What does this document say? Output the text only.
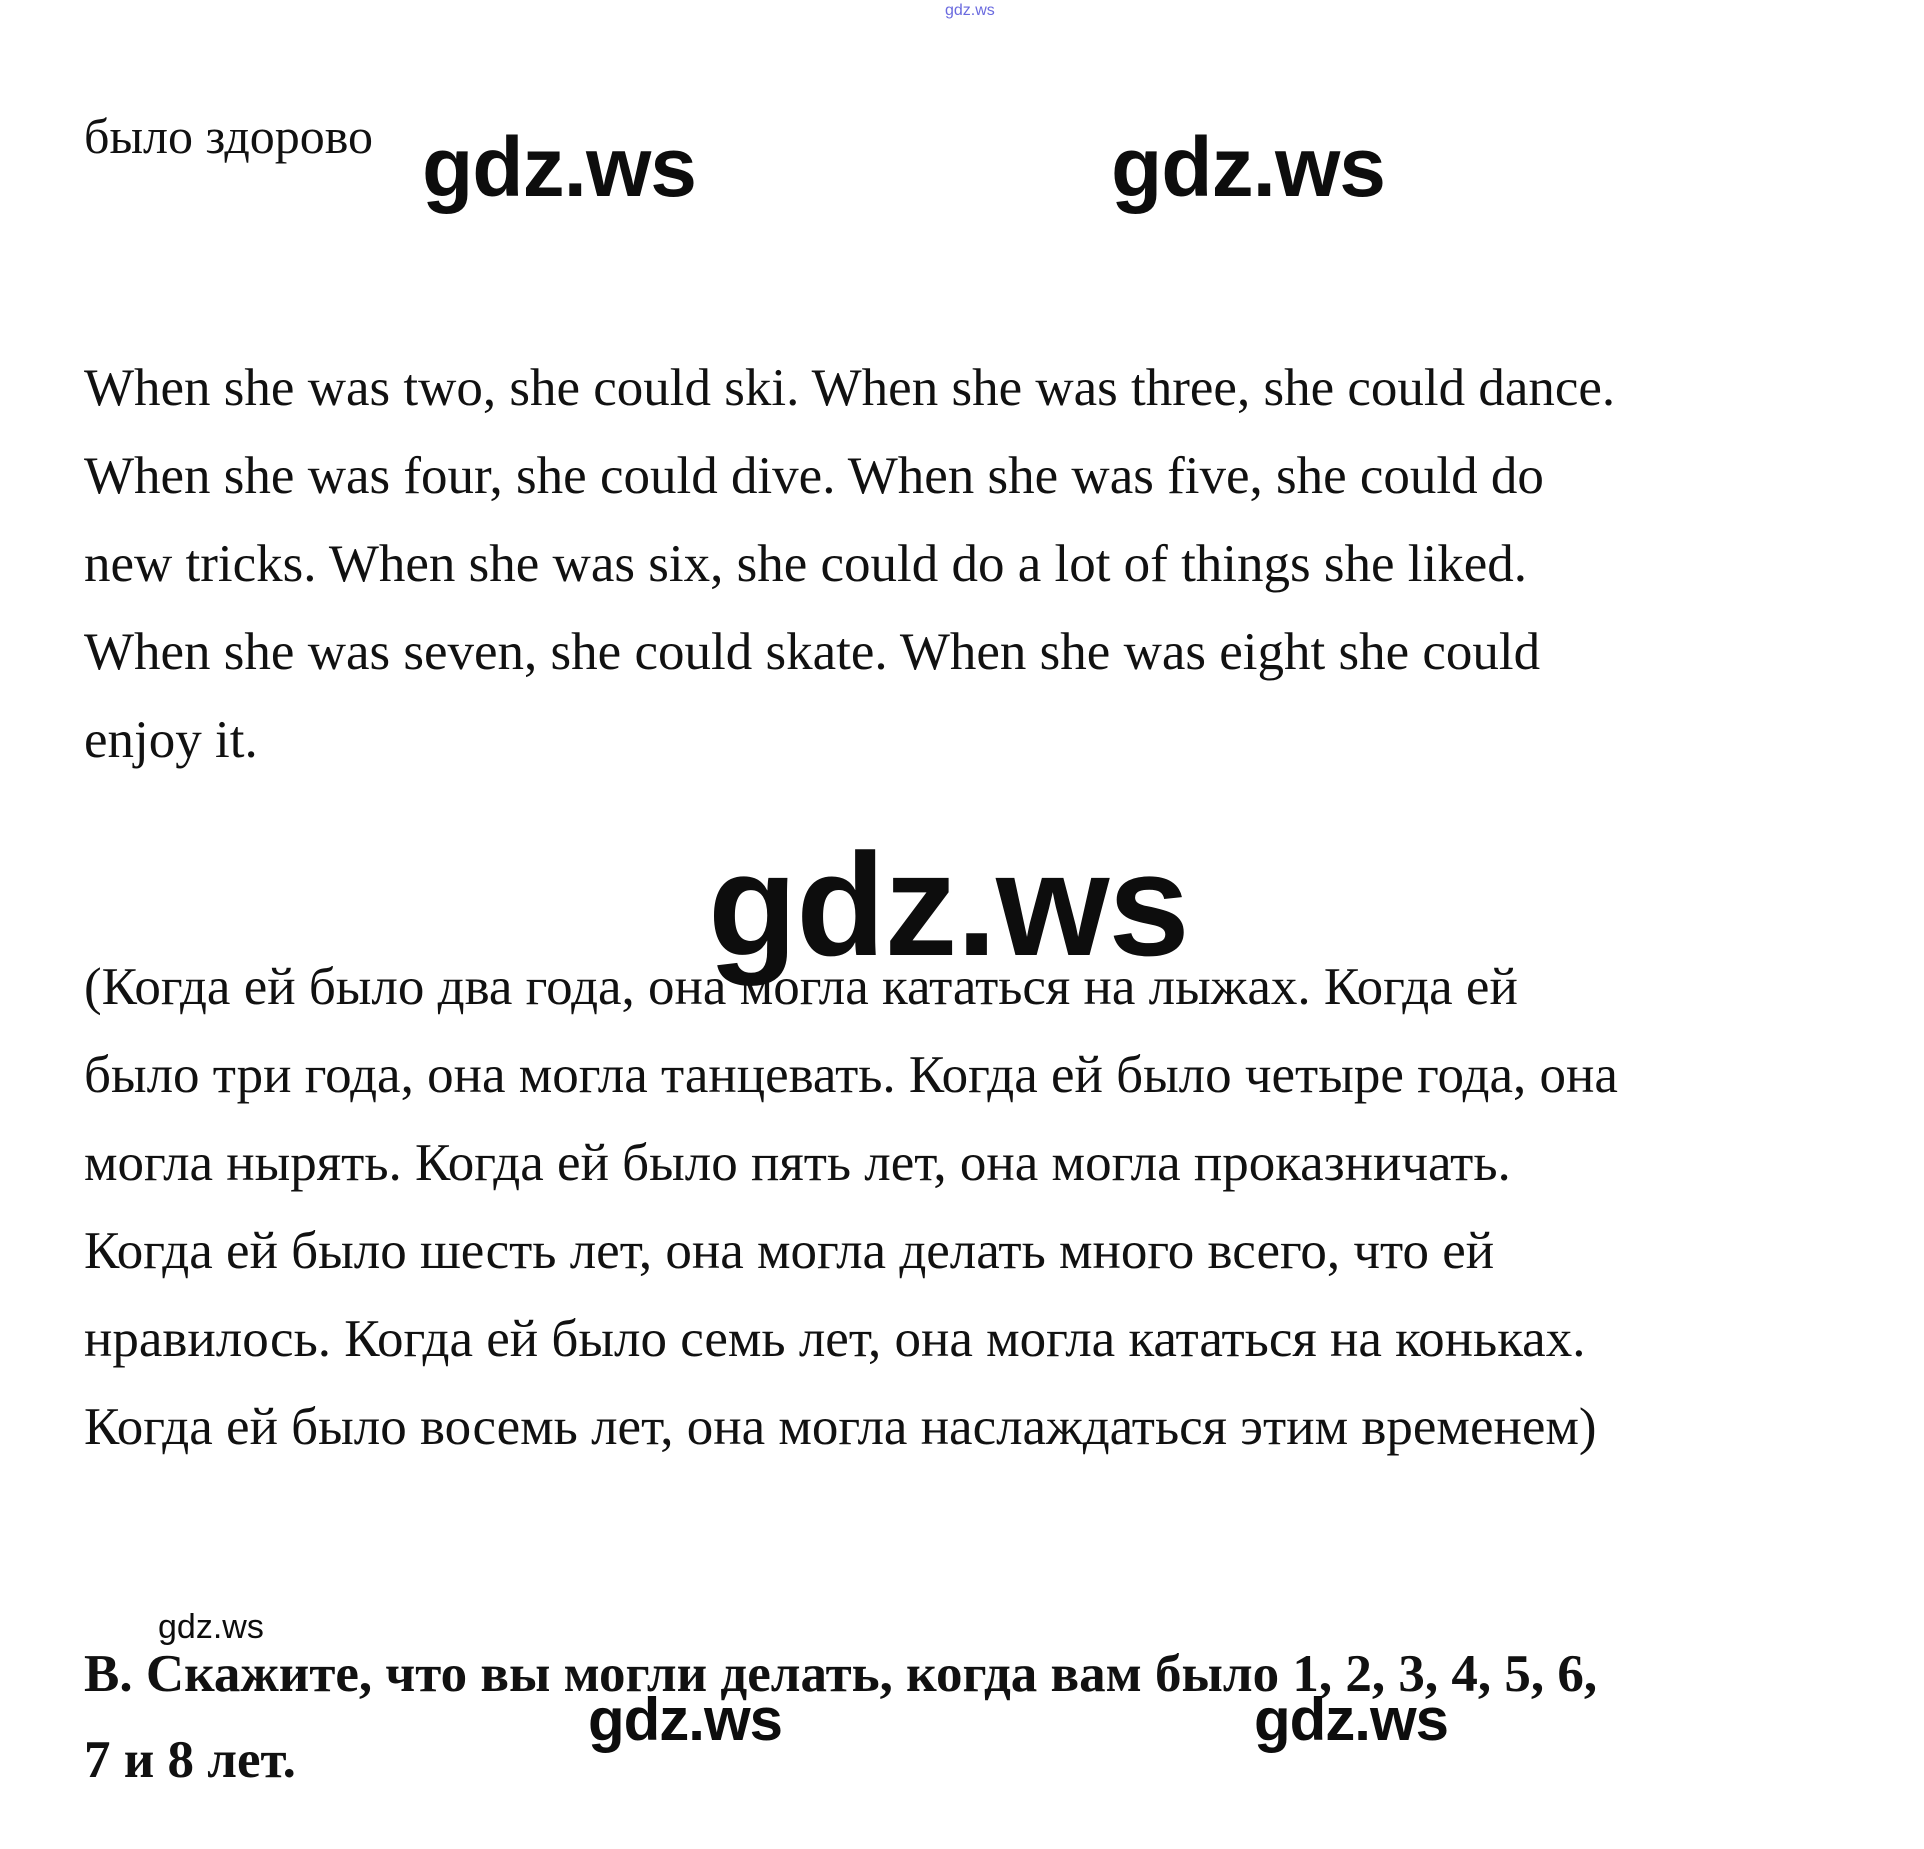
gdz.ws
было здорово
When she was two, she could ski. When she was three, she could dance.
When she was four, she could dive. When she was five, she could do
new tricks. When she was six, she could do a lot of things she liked.
When she was seven, she could skate. When she was eight she could
enjoy it.
(Когда ей было два года, она могла кататься на лыжах. Когда ей
было три года, она могла танцевать. Когда ей было четыре года, она
могла нырять. Когда ей было пять лет, она могла проказничать.
Когда ей было шесть лет, она могла делать много всего, что ей
нравилось. Когда ей было семь лет, она могла кататься на коньках.
Когда ей было восемь лет, она могла наслаждаться этим временем)
B. Скажите, что вы могли делать, когда вам было 1, 2, 3, 4, 5, 6,
7 и 8 лет.
gdz.ws	gdz.ws
gdz.ws
gdz.ws
gdz.ws	gdz.ws
